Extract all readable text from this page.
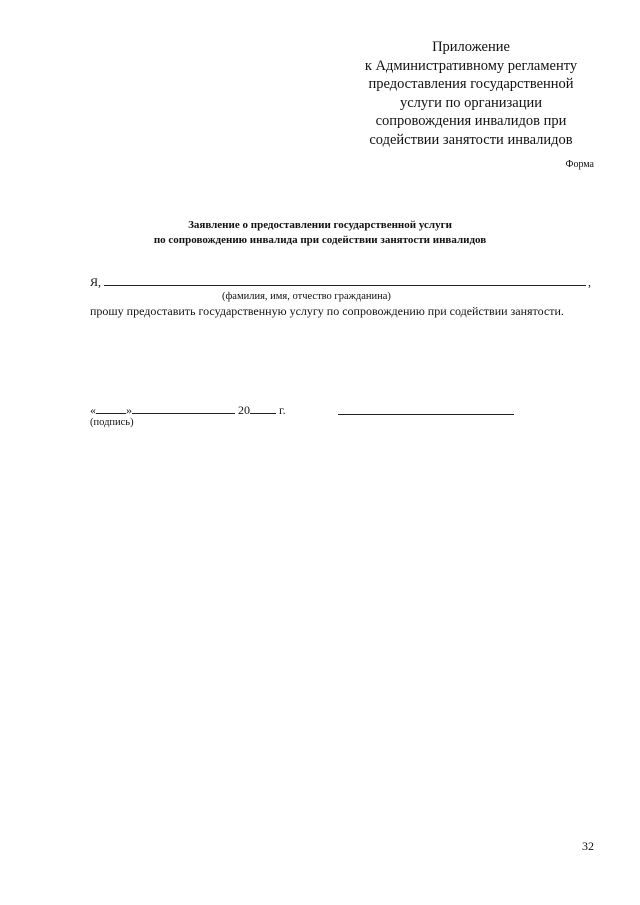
Приложение
к Административному регламенту
предоставления государственной
услуги по организации
сопровождения инвалидов при
содействии занятости инвалидов
Форма
Заявление о предоставлении государственной услуги
по сопровождению инвалида при содействии занятости инвалидов
Я,	,
(фамилия, имя, отчество гражданина)
прошу предоставить государственную услугу по сопровождению при содействии занятости.
«	»	20 г.
(подпись)
32
